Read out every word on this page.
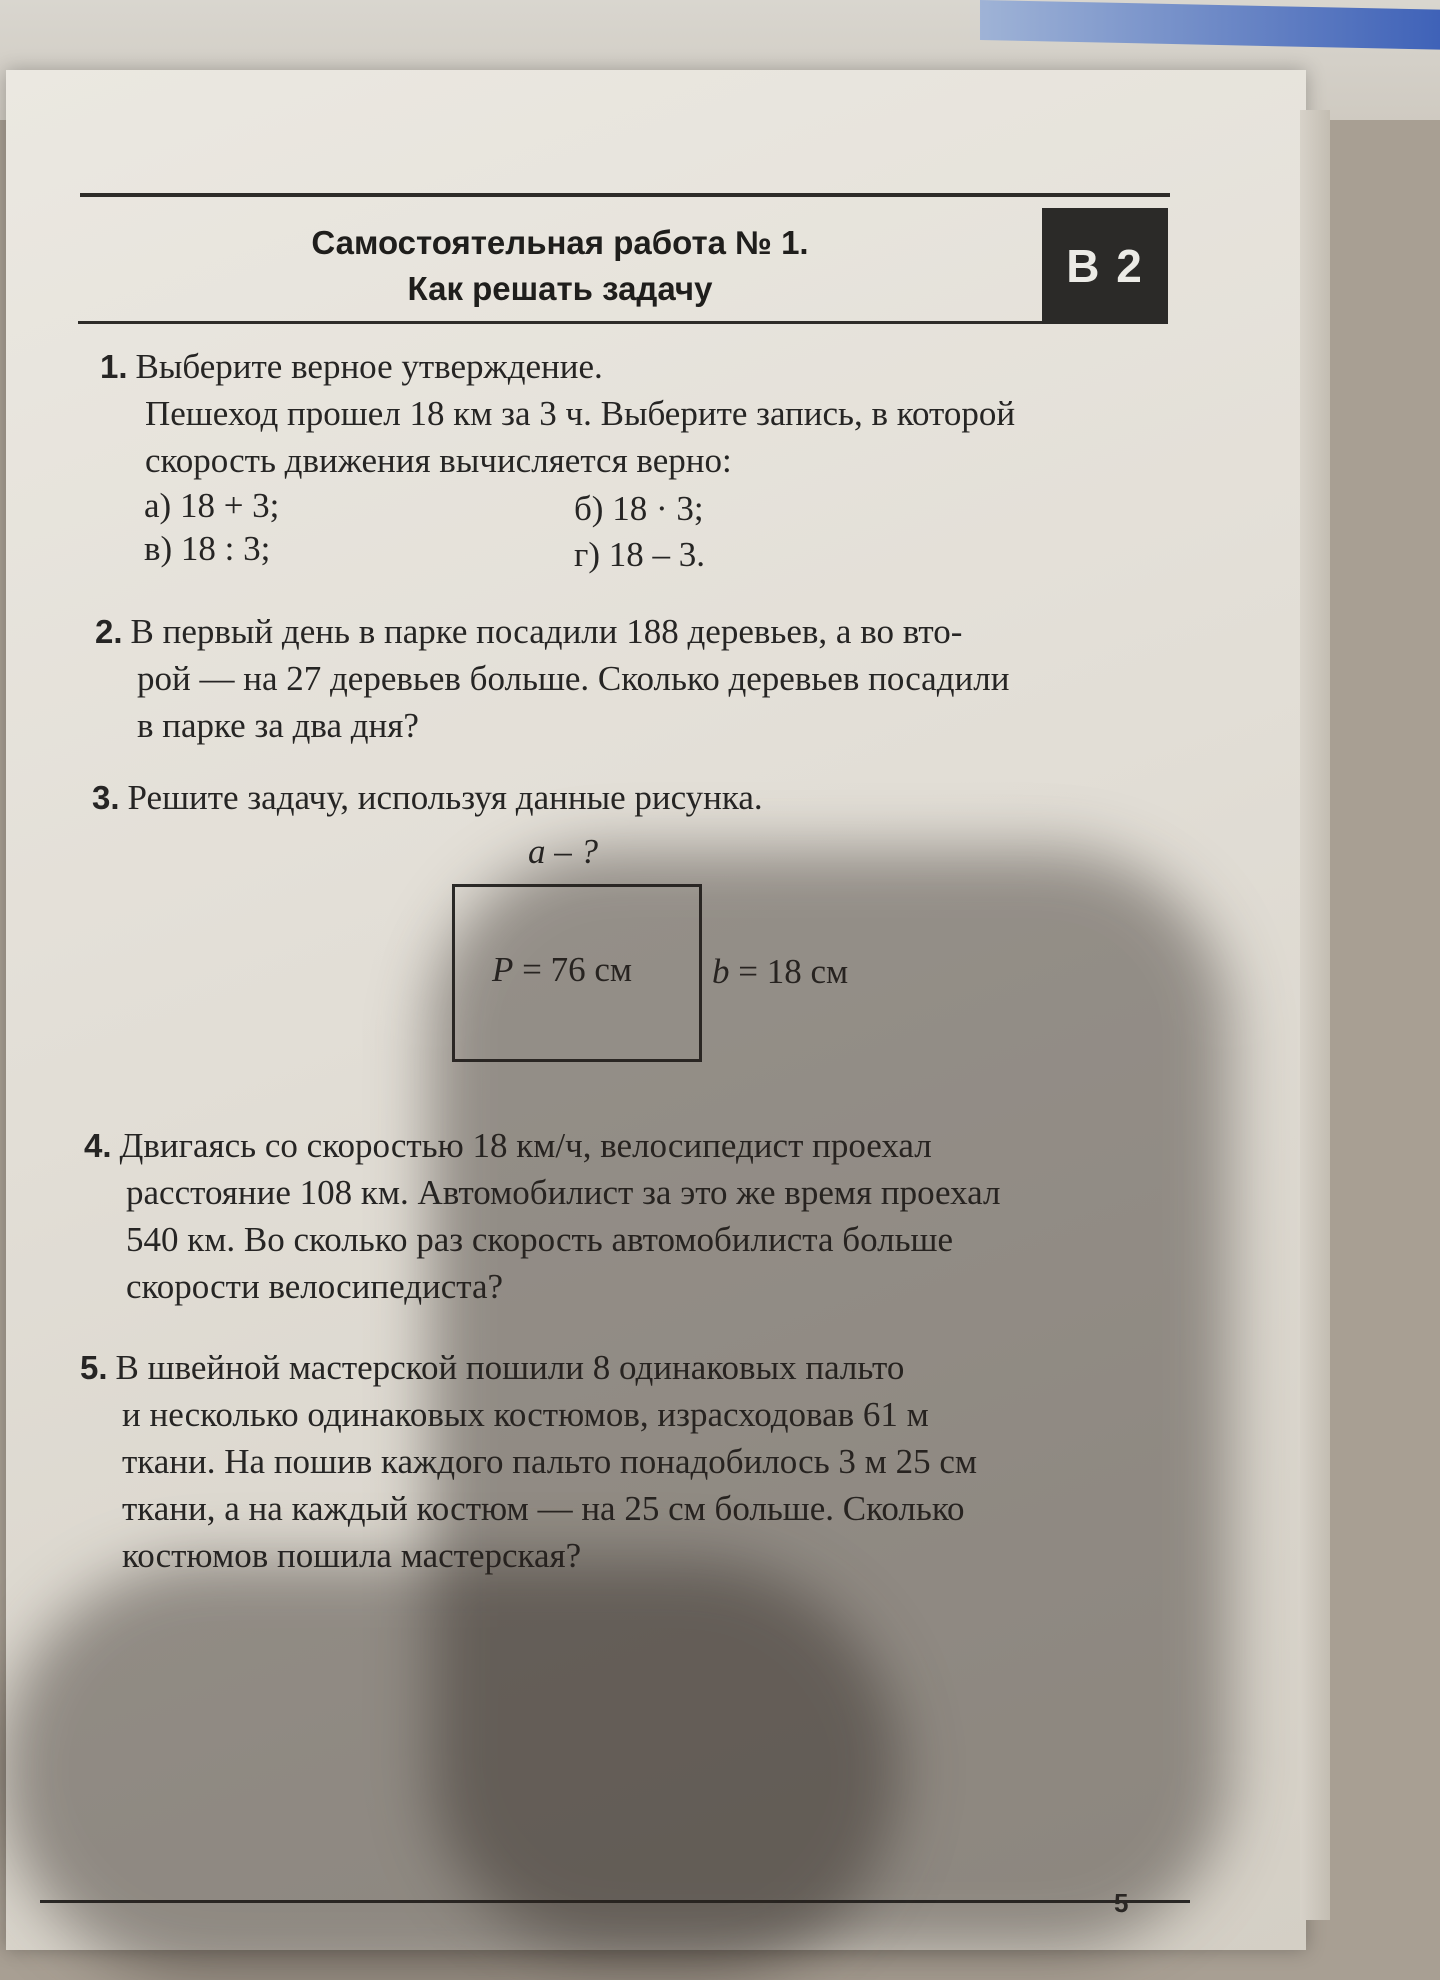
Самостоятельная работа № 1.
Как решать задачу	В 2

1. Выберите верное утверждение.

Пешеход прошел 18 км за 3 ч. Выберите запись, в которой

скорость движения вычисляется верно:

а) 18 + 3;	б) 18 · 3;
в) 18 : 3;	г) 18 – 3.

2. В первый день в парке посадили 188 деревьев, а во вто-

рой — на 27 деревьев больше. Сколько деревьев посадили

в парке за два дня?

3. Решите задачу, используя данные рисунка.

a – ?
P = 76 см b = 18 см

4. Двигаясь со скоростью 18 км/ч, велосипедист проехал

расстояние 108 км. Автомобилист за это же время проехал

540 км. Во сколько раз скорость автомобилиста больше

скорости велосипедиста?

5. В швейной мастерской пошили 8 одинаковых пальто

и несколько одинаковых костюмов, израсходовав 61 м

ткани. На пошив каждого пальто понадобилось 3 м 25 см

ткани, а на каждый костюм — на 25 см больше. Сколько

костюмов пошила мастерская?

5
